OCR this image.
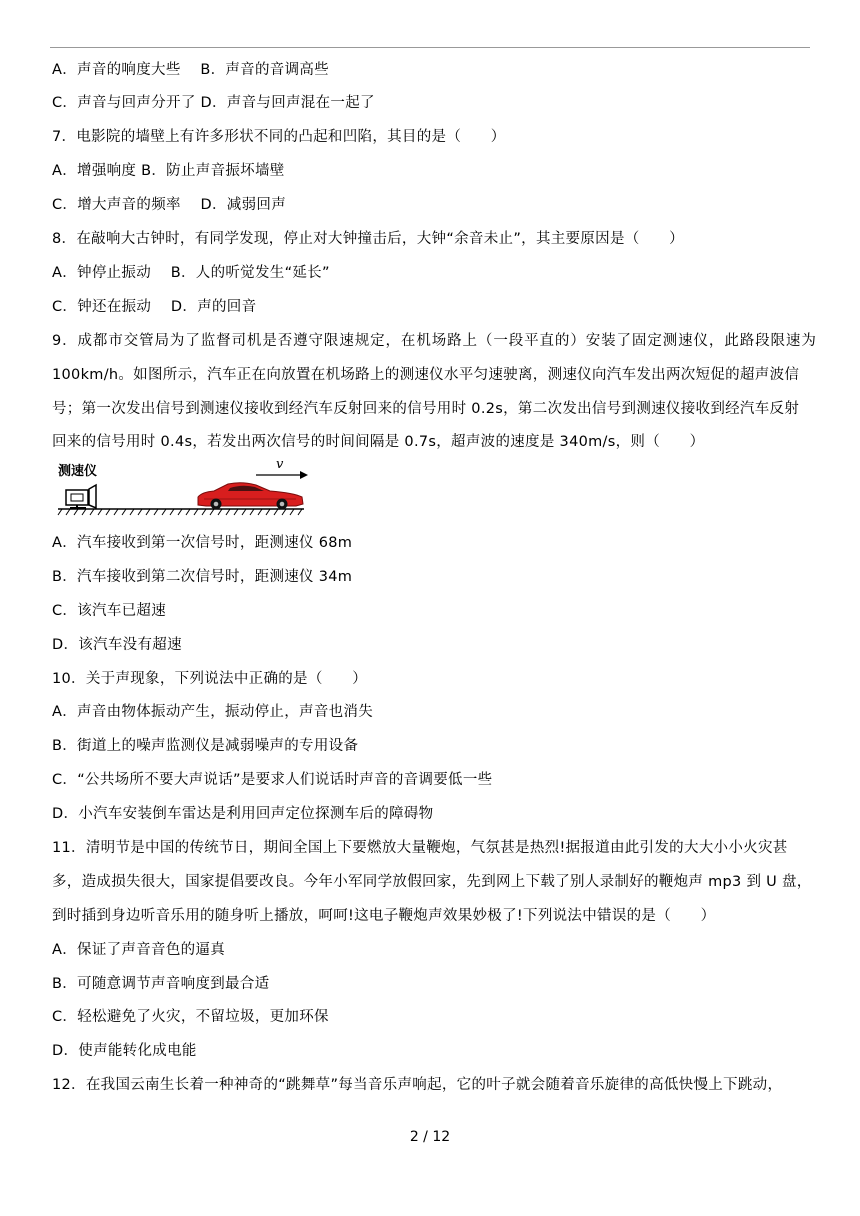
A．声音的响度大些　 B．声音的音调高些
C．声音与回声分开了 D．声音与回声混在一起了
7．电影院的墙壁上有许多形状不同的凸起和凹陷，其目的是（　　）
A．增强响度 B．防止声音振坏墙壁
C．增大声音的频率　 D．减弱回声
8．在敲响大古钟时，有同学发现，停止对大钟撞击后，大钟“余音未止”，其主要原因是（　　）
A．钟停止振动　 B．人的听觉发生“延长”
C．钟还在振动　 D．声的回音
9．成都市交管局为了监督司机是否遵守限速规定，在机场路上（一段平直的）安装了固定测速仪，此路段限速为
100km/h。如图所示，汽车正在向放置在机场路上的测速仪水平匀速驶离，测速仪向汽车发出两次短促的超声波信
号；第一次发出信号到测速仪接收到经汽车反射回来的信号用时 0.2s，第二次发出信号到测速仪接收到经汽车反射
回来的信号用时 0.4s，若发出两次信号的时间间隔是 0.7s，超声波的速度是 340m/s，则（　　）
测速仪	v
A．汽车接收到第一次信号时，距测速仪 68m
B．汽车接收到第二次信号时，距测速仪 34m
C．该汽车已超速
D．该汽车没有超速
10．关于声现象，下列说法中正确的是（　　）
A．声音由物体振动产生，振动停止，声音也消失
B．街道上的噪声监测仪是减弱噪声的专用设备
C．“公共场所不要大声说话”是要求人们说话时声音的音调要低一些
D．小汽车安装倒车雷达是利用回声定位探测车后的障碍物
11．清明节是中国的传统节日，期间全国上下要燃放大量鞭炮，气氛甚是热烈!据报道由此引发的大大小小火灾甚
多，造成损失很大，国家提倡要改良。今年小军同学放假回家，先到网上下载了别人录制好的鞭炮声 mp3 到 U 盘，
到时插到身边听音乐用的随身听上播放，呵呵!这电子鞭炮声效果妙极了!下列说法中错误的是（　　）
A．保证了声音音色的逼真
B．可随意调节声音响度到最合适
C．轻松避免了火灾，不留垃圾，更加环保
D．使声能转化成电能
12．在我国云南生长着一种神奇的“跳舞草”每当音乐声响起，它的叶子就会随着音乐旋律的高低快慢上下跳动，
2 / 12
